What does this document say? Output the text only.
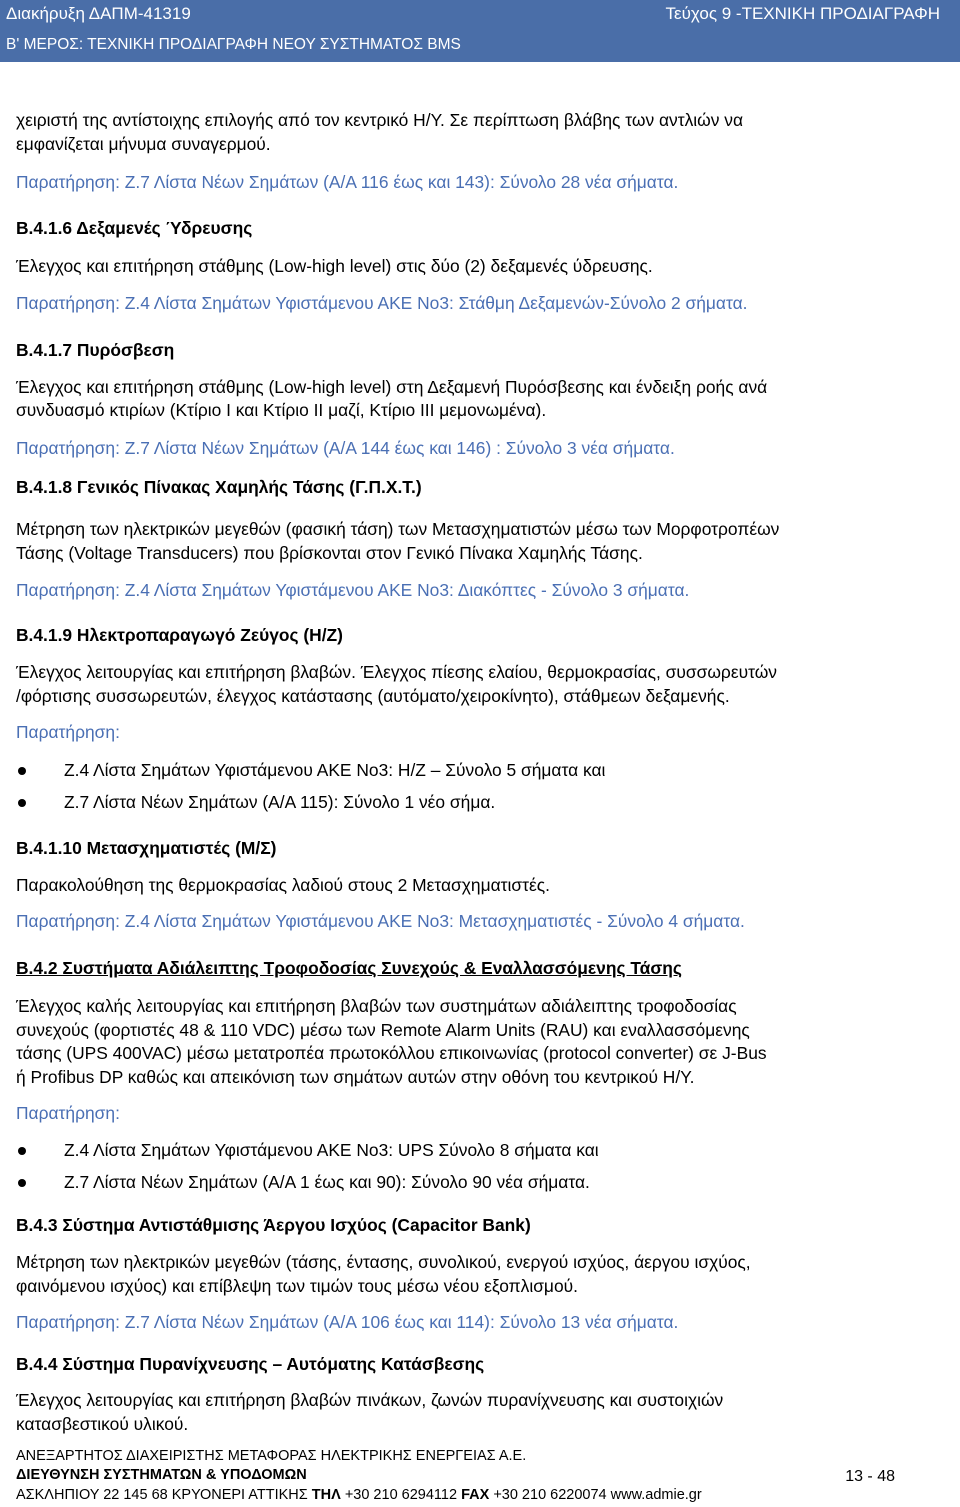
Διακήρυξη ΔΑΠΜ-41319	Τεύχος 9 -ΤΕΧΝΙΚΗ ΠΡΟΔΙΑΓΡΑΦΗ
Β' ΜΕΡΟΣ: ΤΕΧΝΙΚΗ ΠΡΟΔΙΑΓΡΑΦΗ ΝΕΟΥ ΣΥΣΤΗΜΑΤΟΣ BMS
χειριστή της αντίστοιχης επιλογής από τον κεντρικό Η/Υ. Σε περίπτωση βλάβης των αντλιών να
εμφανίζεται μήνυμα συναγερμού.
Παρατήρηση: Ζ.7 Λίστα Νέων Σημάτων (Α/Α 116 έως και 143): Σύνολο 28 νέα σήματα.
Β.4.1.6 Δεξαμενές Ύδρευσης
Έλεγχος και επιτήρηση στάθμης (Low-high level) στις δύο (2) δεξαμενές ύδρευσης.
Παρατήρηση: Ζ.4 Λίστα Σημάτων Υφιστάμενου ΑΚΕ Νο3: Στάθμη Δεξαμενών-Σύνολο 2 σήματα.
Β.4.1.7 Πυρόσβεση
Έλεγχος και επιτήρηση στάθμης (Low-high level) στη Δεξαμενή Πυρόσβεσης και ένδειξη ροής ανά
συνδυασμό κτιρίων (Κτίριο Ι και Κτίριο ΙΙ μαζί, Κτίριο ΙΙΙ μεμονωμένα).
Παρατήρηση: Ζ.7 Λίστα Νέων Σημάτων (Α/Α 144 έως και 146) : Σύνολο 3 νέα σήματα.
Β.4.1.8 Γενικός Πίνακας Χαμηλής Τάσης (Γ.Π.Χ.Τ.)
Μέτρηση των ηλεκτρικών μεγεθών (φασική τάση) των Μετασχηματιστών μέσω των Μορφοτροπέων
Τάσης (Voltage Transducers) που βρίσκονται στον Γενικό Πίνακα Χαμηλής Τάσης.
Παρατήρηση: Ζ.4 Λίστα Σημάτων Υφιστάμενου ΑΚΕ Νο3: Διακόπτες - Σύνολο 3 σήματα.
Β.4.1.9 Ηλεκτροπαραγωγό Ζεύγος (Η/Ζ)
Έλεγχος λειτουργίας και επιτήρηση βλαβών. Έλεγχος πίεσης ελαίου, θερμοκρασίας, συσσωρευτών
/φόρτισης συσσωρευτών, έλεγχος κατάστασης (αυτόματο/χειροκίνητο), στάθμεων δεξαμενής.
Παρατήρηση:
Ζ.4 Λίστα Σημάτων Υφιστάμενου ΑΚΕ Νο3: Η/Ζ – Σύνολο 5 σήματα και
Ζ.7 Λίστα Νέων Σημάτων (Α/Α 115): Σύνολο 1 νέο σήμα.
Β.4.1.10 Μετασχηματιστές (Μ/Σ)
Παρακολούθηση της θερμοκρασίας λαδιού στους 2 Μετασχηματιστές.
Παρατήρηση: Ζ.4 Λίστα Σημάτων Υφιστάμενου ΑΚΕ Νο3: Μετασχηματιστές - Σύνολο 4 σήματα.
Β.4.2 Συστήματα Αδιάλειπτης Τροφοδοσίας Συνεχούς & Εναλλασσόμενης Τάσης
Έλεγχος καλής λειτουργίας και επιτήρηση βλαβών των συστημάτων αδιάλειπτης τροφοδοσίας
συνεχούς (φορτιστές 48 & 110 VDC) μέσω των Remote Alarm Units (RAU) και εναλλασσόμενης
τάσης (UPS 400VAC) μέσω μετατροπέα πρωτοκόλλου επικοινωνίας (protocol converter) σε J-Bus
ή Profibus DP καθώς και απεικόνιση των σημάτων αυτών στην οθόνη του κεντρικού Η/Υ.
Παρατήρηση:
Ζ.4 Λίστα Σημάτων Υφιστάμενου ΑΚΕ Νο3: UPS Σύνολο 8 σήματα και
Ζ.7 Λίστα Νέων Σημάτων (Α/Α 1 έως και 90): Σύνολο 90 νέα σήματα.
Β.4.3 Σύστημα Αντιστάθμισης Άεργου Ισχύος (Capacitor Bank)
Μέτρηση των ηλεκτρικών μεγεθών (τάσης, έντασης, συνολικού, ενεργού ισχύος, άεργου ισχύος,
φαινόμενου ισχύος) και επίβλεψη των τιμών τους μέσω νέου εξοπλισμού.
Παρατήρηση: Ζ.7 Λίστα Νέων Σημάτων (Α/Α 106 έως και 114): Σύνολο 13 νέα σήματα.
Β.4.4 Σύστημα Πυρανίχνευσης – Αυτόματης Κατάσβεσης
Έλεγχος λειτουργίας και επιτήρηση βλαβών πινάκων, ζωνών πυρανίχνευσης και συστοιχιών
κατασβεστικού υλικού.
ΑΝΕΞΑΡΤΗΤΟΣ ΔΙΑΧΕΙΡΙΣΤΗΣ ΜΕΤΑΦΟΡΑΣ ΗΛΕΚΤΡΙΚΗΣ ΕΝΕΡΓΕΙΑΣ Α.Ε.
ΔΙΕΥΘΥΝΣΗ ΣΥΣΤΗΜΑΤΩΝ & ΥΠΟΔΟΜΩΝ
ΑΣΚΛΗΠΙΟΥ 22 145 68 ΚΡΥΟΝΕΡΙ ΑΤΤΙΚΗΣ ΤΗΛ +30 210 6294112 FAX +30 210 6220074 www.admie.gr
13 - 48
